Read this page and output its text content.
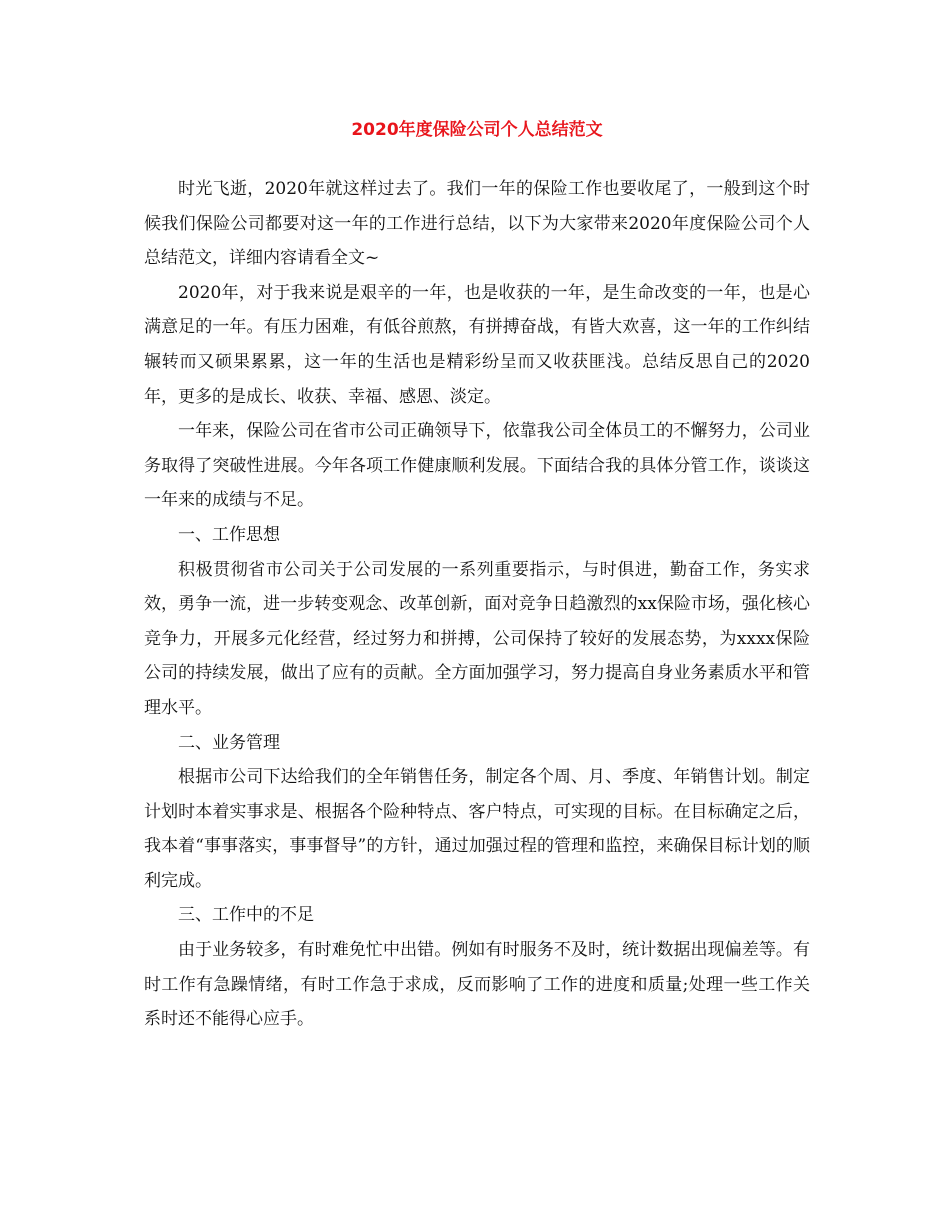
2020年度保险公司个人总结范文

时光飞逝，2020年就这样过去了。我们一年的保险工作也要收尾了，一般到这个时候我们保险公司都要对这一年的工作进行总结，以下为大家带来2020年度保险公司个人总结范文，详细内容请看全文~

2020年，对于我来说是艰辛的一年，也是收获的一年，是生命改变的一年，也是心满意足的一年。有压力困难，有低谷煎熬，有拼搏奋战，有皆大欢喜，这一年的工作纠结辗转而又硕果累累，这一年的生活也是精彩纷呈而又收获匪浅。总结反思自己的2020年，更多的是成长、收获、幸福、感恩、淡定。

一年来，保险公司在省市公司正确领导下，依靠我公司全体员工的不懈努力，公司业务取得了突破性进展。今年各项工作健康顺利发展。下面结合我的具体分管工作，谈谈这一年来的成绩与不足。

一、工作思想

积极贯彻省市公司关于公司发展的一系列重要指示，与时俱进，勤奋工作，务实求效，勇争一流，进一步转变观念、改革创新，面对竞争日趋激烈的xx保险市场，强化核心竞争力，开展多元化经营，经过努力和拼搏，公司保持了较好的发展态势，为xxxx保险公司的持续发展，做出了应有的贡献。全方面加强学习，努力提高自身业务素质水平和管理水平。

二、业务管理

根据市公司下达给我们的全年销售任务，制定各个周、月、季度、年销售计划。制定计划时本着实事求是、根据各个险种特点、客户特点，可实现的目标。在目标确定之后，我本着“事事落实，事事督导”的方针，通过加强过程的管理和监控，来确保目标计划的顺利完成。

三、工作中的不足

由于业务较多，有时难免忙中出错。例如有时服务不及时，统计数据出现偏差等。有时工作有急躁情绪，有时工作急于求成，反而影响了工作的进度和质量;处理一些工作关系时还不能得心应手。
